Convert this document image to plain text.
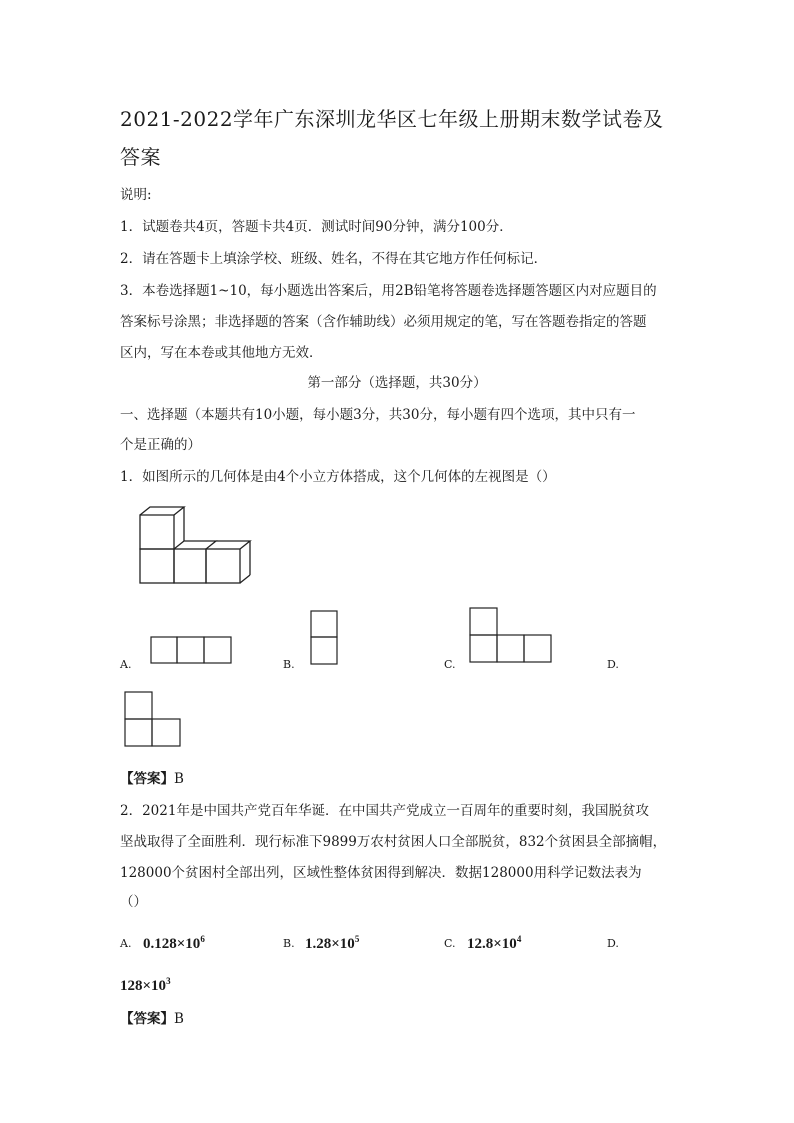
2021-2022学年广东深圳龙华区七年级上册期末数学试卷及
答案
说明:
1．试题卷共4页，答题卡共4页．测试时间90分钟，满分100分．
2．请在答题卡上填涂学校、班级、姓名，不得在其它地方作任何标记．
3．本卷选择题1~10，每小题选出答案后，用2B铅笔将答题卷选择题答题区内对应题目的
答案标号涂黑；非选择题的答案（含作辅助线）必须用规定的笔，写在答题卷指定的答题
区内，写在本卷或其他地方无效．
第一部分（选择题，共30分）
一、选择题（本题共有10小题，每小题3分，共30分，每小题有四个选项，其中只有一
个是正确的）
1．如图所示的几何体是由4个小立方体搭成，这个几何体的左视图是（）
A.	B.	C.	D.
【答案】B
2．2021年是中国共产党百年华诞．在中国共产党成立一百周年的重要时刻，我国脱贫攻
坚战取得了全面胜利．现行标准下9899万农村贫困人口全部脱贫，832个贫困县全部摘帽，
128000个贫困村全部出列，区域性整体贫困得到解决．数据128000用科学记数法表为
（）
A. $0.128\times 10^6$	B. $1.28\times 10^5$	C. $12.8\times 10^4$	D.
$128\times 10^3$
【答案】B
